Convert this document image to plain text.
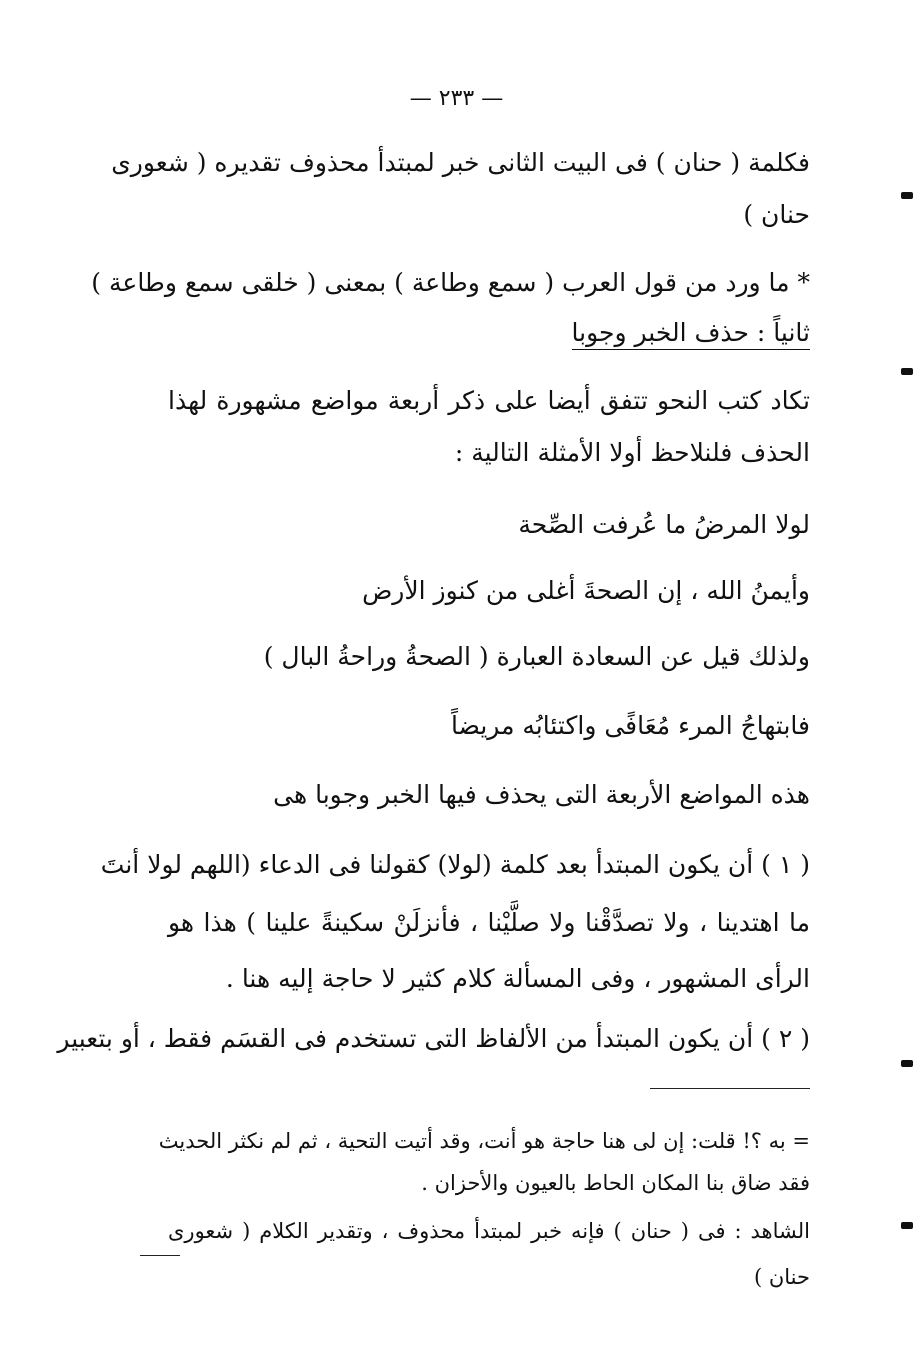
— ٢٣٣ —
فكلمة ( حنان ) فى البيت الثانى خبر لمبتدأ محذوف تقديره ( شعورى
حنان )
* ما ورد من قول العرب ( سمع وطاعة ) بمعنى ( خلقى سمع وطاعة )
ثانياً : حذف الخبر وجوبا
تكاد كتب النحو تتفق أيضا على ذكر أربعة مواضع مشهورة لهذا
الحذف فلنلاحظ أولا الأمثلة التالية :
لولا المرضُ ما عُرفت الصِّحة
وأيمنُ الله ، إن الصحةَ أغلى من كنوز الأرض
ولذلك قيل عن السعادة العبارة ( الصحةُ وراحةُ البال )
فابتهاجُ المرء مُعَافًى واكتئابُه مريضاً
هذه المواضع الأربعة التى يحذف فيها الخبر وجوبا هى
( ١ ) أن يكون المبتدأ بعد كلمة (لولا) كقولنا فى الدعاء (اللهم لولا أنتَ
ما اهتدينا ، ولا تصدَّقْنا ولا صلَّيْنا ، فأنزلَنْ سكينةً علينا ) هذا هو
الرأى المشهور ، وفى المسألة كلام كثير لا حاجة إليه هنا .
( ٢ ) أن يكون المبتدأ من الألفاظ التى تستخدم فى القسَم فقط ، أو بتعبير
= به ؟! قلت: إن لى هنا حاجة هو أنت، وقد أتيت التحية ، ثم لم نكثر الحديث
فقد ضاق بنا المكان الحاط بالعيون والأحزان .
الشاهد : فى ( حنان ) فإنه خبر لمبتدأ محذوف ، وتقدير الكلام ( شعورى
حنان )
